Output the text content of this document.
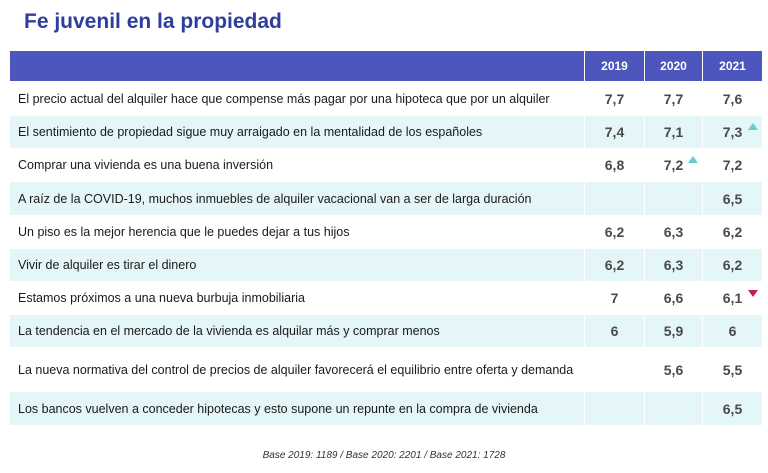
Fe juvenil en la propiedad
	2019	2020	2021
El precio actual del alquiler hace que compense más pagar por una hipoteca que por un alquiler	7,7	7,7	7,6
El sentimiento de propiedad sigue muy arraigado en la mentalidad de los españoles	7,4	7,1	7,3

Comprar una vivienda es una buena inversión	6,8	7,2	7,2
A raíz de la COVID-19, muchos inmuebles de alquiler vacacional van a ser de larga duración			6,5
Un piso es la mejor herencia que le puedes dejar a tus hijos	6,2	6,3	6,2
Vivir de alquiler es tirar el dinero	6,2	6,3	6,2
Estamos próximos a una nueva burbuja inmobiliaria	7	6,6	6,1

La tendencia en el mercado de la vivienda es alquilar más y comprar menos	6	5,9	6
La nueva normativa del control de precios de alquiler favorecerá el equilibrio entre oferta y demanda		5,6	5,5
Los bancos vuelven a conceder hipotecas y esto supone un repunte en la compra de vivienda			6,5
Base 2019: 1189 / Base 2020: 2201 / Base 2021: 1728
